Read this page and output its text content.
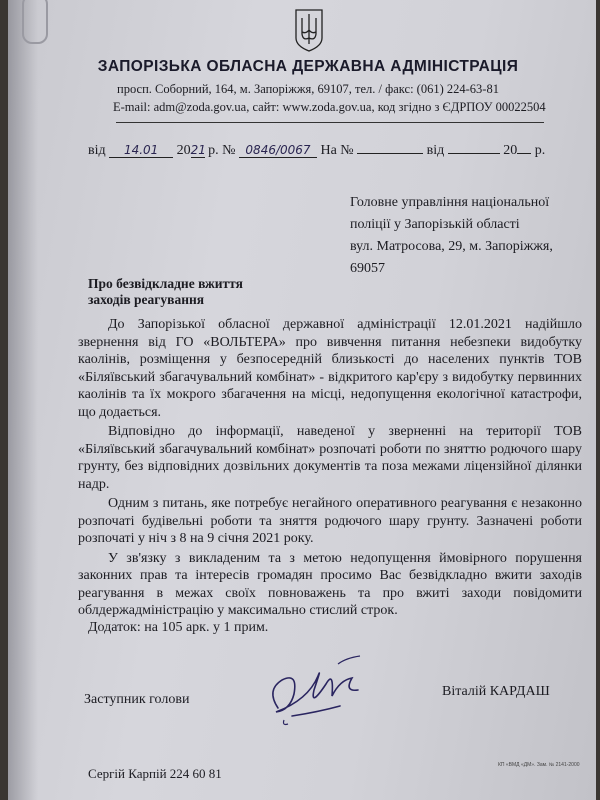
ЗАПОРІЗЬКА ОБЛАСНА ДЕРЖАВНА АДМІНІСТРАЦІЯ
просп. Соборний, 164, м. Запоріжжя, 69107, тел. / факс: (061) 224-63-81
E-mail: adm@zoda.gov.ua, сайт: www.zoda.gov.ua, код згідно з ЄДРПОУ 00022504
від 14.01 2021 р. № 0846/0067 На №	від	20 р.
Головне управління національної
поліції у Запорізькій області
вул. Матросова, 29, м. Запоріжжя,
69057
Про безвідкладне вжиття
заходів реагування

До Запорізької обласної державної адміністрації 12.01.2021 надійшло звернення від ГО «ВОЛЬТЕРА» про вивчення питання небезпеки видобутку каолінів, розміщення у безпосередній близькості до населених пунктів ТОВ «Біляївський збагачувальний комбінат» - відкритого кар'єру з видобутку первинних каолінів та їх мокрого збагачення на місці, недопущення екологічної катастрофи, що додається.

Відповідно до інформації, наведеної у зверненні на території ТОВ «Біляївський збагачувальний комбінат» розпочаті роботи по зняттю родючого шару грунту, без відповідних дозвільних документів та поза межами ліцензійної ділянки надр.

Одним з питань, яке потребує негайного оперативного реагування є незаконно розпочаті будівельні роботи та зняття родючого шару грунту. Зазначені роботи розпочаті у ніч з 8 на 9 січня 2021 року.

У зв'язку з викладеним та з метою недопущення ймовірного порушення законних прав та інтересів громадян просимо Вас безвідкладно вжити заходів реагування в межах своїх повноважень та про вжиті заходи повідомити облдержадміністрацію у максимально стислий строк.

Додаток: на 105 арк. у 1 прим.
Заступник голови
Віталій КАРДАШ
Сергій Карпій 224 60 81
КП «ВМД «ДМ». Зам. № 2141-2000
